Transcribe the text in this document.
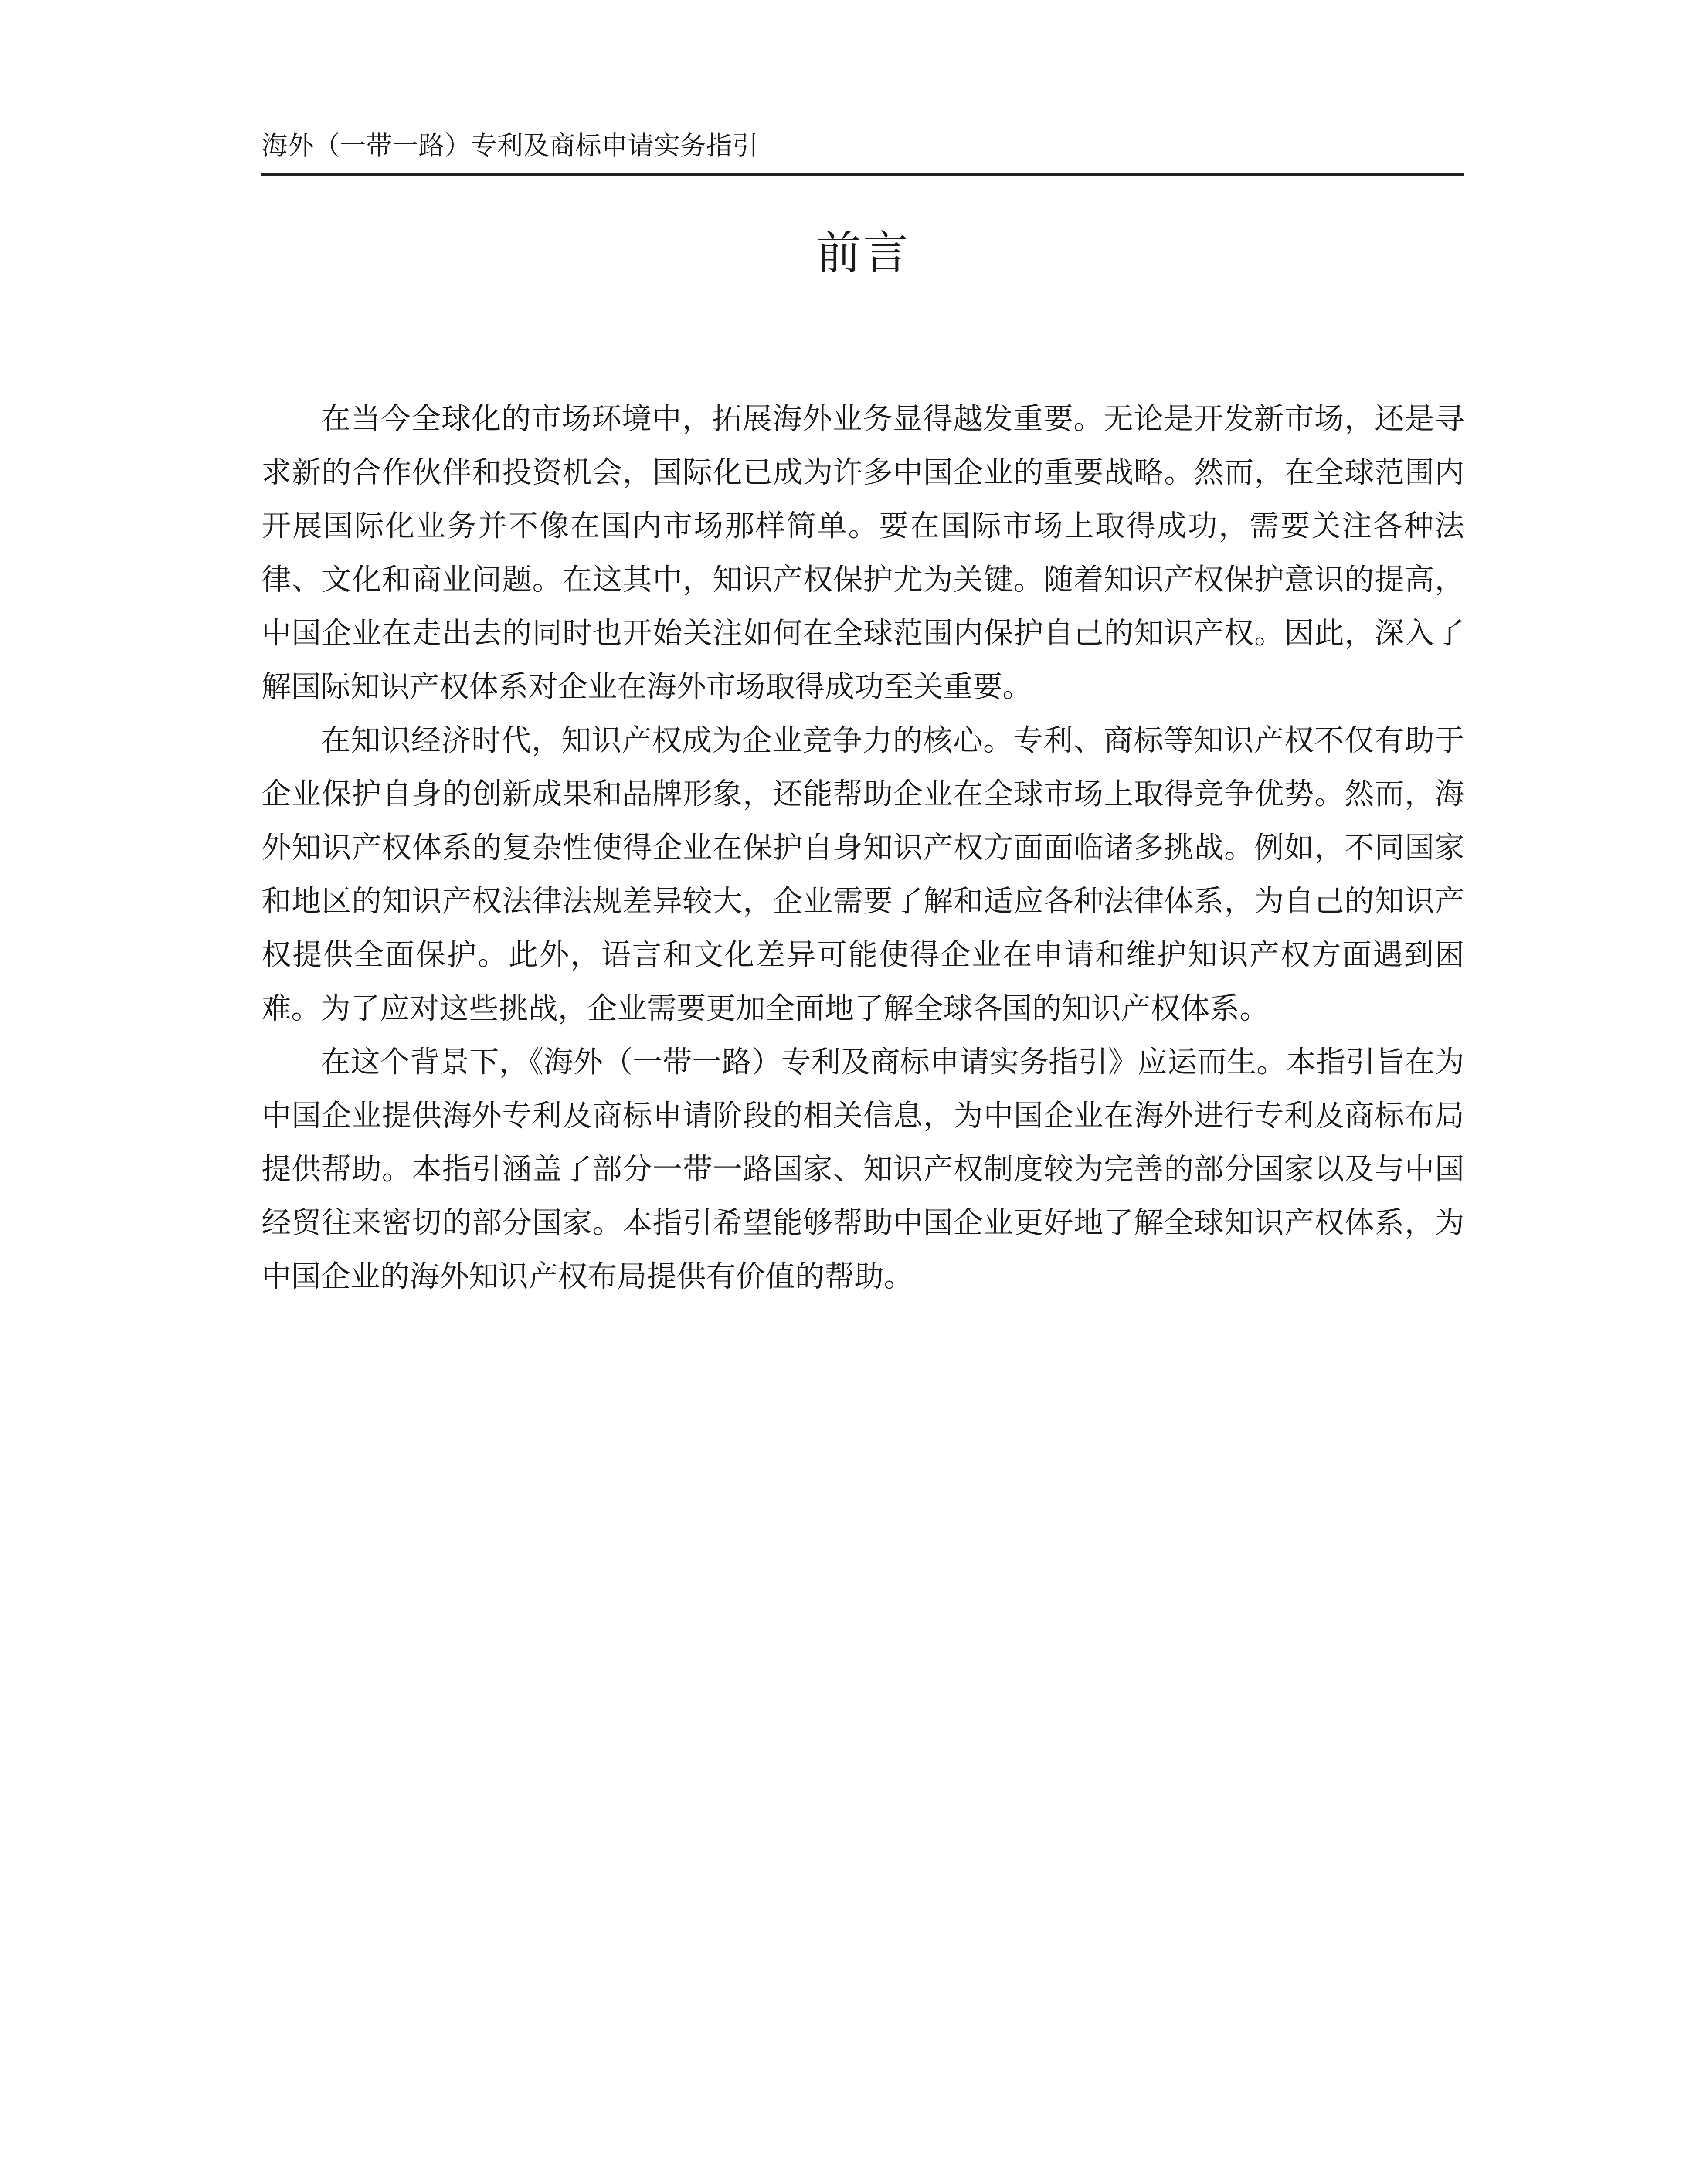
海外（一带一路）专利及商标申请实务指引
前言

在当今全球化的市场环境中，拓展海外业务显得越发重要。无论是开发新市场，还是寻求新的合作伙伴和投资机会，国际化已成为许多中国企业的重要战略。然而，在全球范围内开展国际化业务并不像在国内市场那样简单。要在国际市场上取得成功，需要关注各种法律、文化和商业问题。在这其中，知识产权保护尤为关键。随着知识产权保护意识的提高，中国企业在走出去的同时也开始关注如何在全球范围内保护自己的知识产权。因此，深入了解国际知识产权体系对企业在海外市场取得成功至关重要。

在知识经济时代，知识产权成为企业竞争力的核心。专利、商标等知识产权不仅有助于企业保护自身的创新成果和品牌形象，还能帮助企业在全球市场上取得竞争优势。然而，海外知识产权体系的复杂性使得企业在保护自身知识产权方面面临诸多挑战。例如，不同国家和地区的知识产权法律法规差异较大，企业需要了解和适应各种法律体系，为自己的知识产权提供全面保护。此外，语言和文化差异可能使得企业在申请和维护知识产权方面遇到困难。为了应对这些挑战，企业需要更加全面地了解全球各国的知识产权体系。

在这个背景下，《海外（一带一路）专利及商标申请实务指引》应运而生。本指引旨在为中国企业提供海外专利及商标申请阶段的相关信息，为中国企业在海外进行专利及商标布局提供帮助。本指引涵盖了部分一带一路国家、知识产权制度较为完善的部分国家以及与中国经贸往来密切的部分国家。本指引希望能够帮助中国企业更好地了解全球知识产权体系，为中国企业的海外知识产权布局提供有价值的帮助。
